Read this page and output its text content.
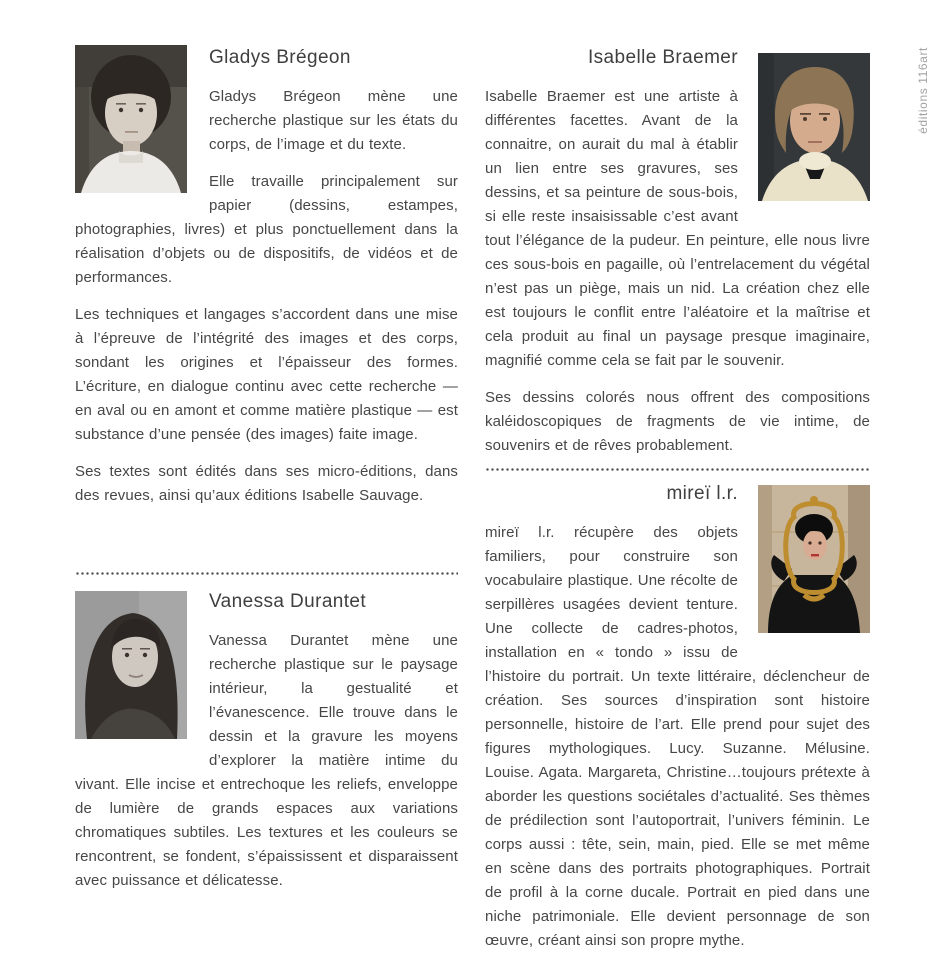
éditions 116art
Gladys Brégeon

Gladys Brégeon mène une recherche plastique sur les états du corps, de l’image et du texte.

Elle travaille principalement sur papier (dessins, estampes, photographies, livres) et plus ponctuellement dans la réalisation d’objets ou de dispositifs, de vidéos et de performances.

Les techniques et langages s’accordent dans une mise à l’épreuve de l’intégrité des images et des corps, sondant les origines et l’épaisseur des formes. L’écriture, en dialogue continu avec cette recherche — en aval ou en amont et comme matière plastique — est substance d’une pensée (des images) faite image.

Ses textes sont édités dans ses micro-éditions, dans des revues, ainsi qu’aux éditions Isabelle Sauvage.

Vanessa Durantet

Vanessa Durantet mène une recherche plastique sur le paysage intérieur, la gestualité et l’évanescence. Elle trouve dans le dessin et la gravure les moyens d’explorer la matière intime du vivant. Elle incise et entrechoque les reliefs, enveloppe de lumière de grands espaces aux variations chromatiques subtiles. Les textures et les couleurs se rencontrent, se fondent, s’épaississent et disparaissent avec puissance et délicatesse.

Isabelle Braemer

Isabelle Braemer est une artiste à différentes facettes. Avant de la connaitre, on aurait du mal à établir un lien entre ses gravures, ses dessins, et sa peinture de sous-bois, si elle reste insaisissable c’est avant tout l’élégance de la pudeur. En peinture, elle nous livre ces sous-bois en pagaille, où l’entrelacement du végétal n’est pas un piège, mais un nid. La création chez elle est toujours le conflit entre l’aléatoire et la maîtrise et cela produit au final un paysage presque imaginaire, magnifié comme cela se fait par le souvenir.

Ses dessins colorés nous offrent des compositions kaléidoscopiques de fragments de vie intime, de souvenirs et de rêves probablement.

mireï l.r.

mireï l.r. récupère des objets familiers, pour construire son vocabulaire plastique. Une récolte de serpillères usagées devient tenture. Une collecte de cadres-photos, installation en « tondo » issu de l’histoire du portrait. Un texte littéraire, déclencheur de création. Ses sources d’inspiration sont histoire personnelle, histoire de l’art. Elle prend pour sujet des figures mythologiques. Lucy. Suzanne. Mélusine. Louise. Agata. Margareta, Christine…toujours prétexte à aborder les questions sociétales d’actualité. Ses thèmes de prédilection sont l’autoportrait, l’univers féminin. Le corps aussi : tête, sein, main, pied. Elle se met même en scène dans des portraits photographiques. Portrait de profil à la corne ducale. Portrait en pied dans une niche patrimoniale. Elle devient personnage de son œuvre, créant ainsi son propre mythe.
